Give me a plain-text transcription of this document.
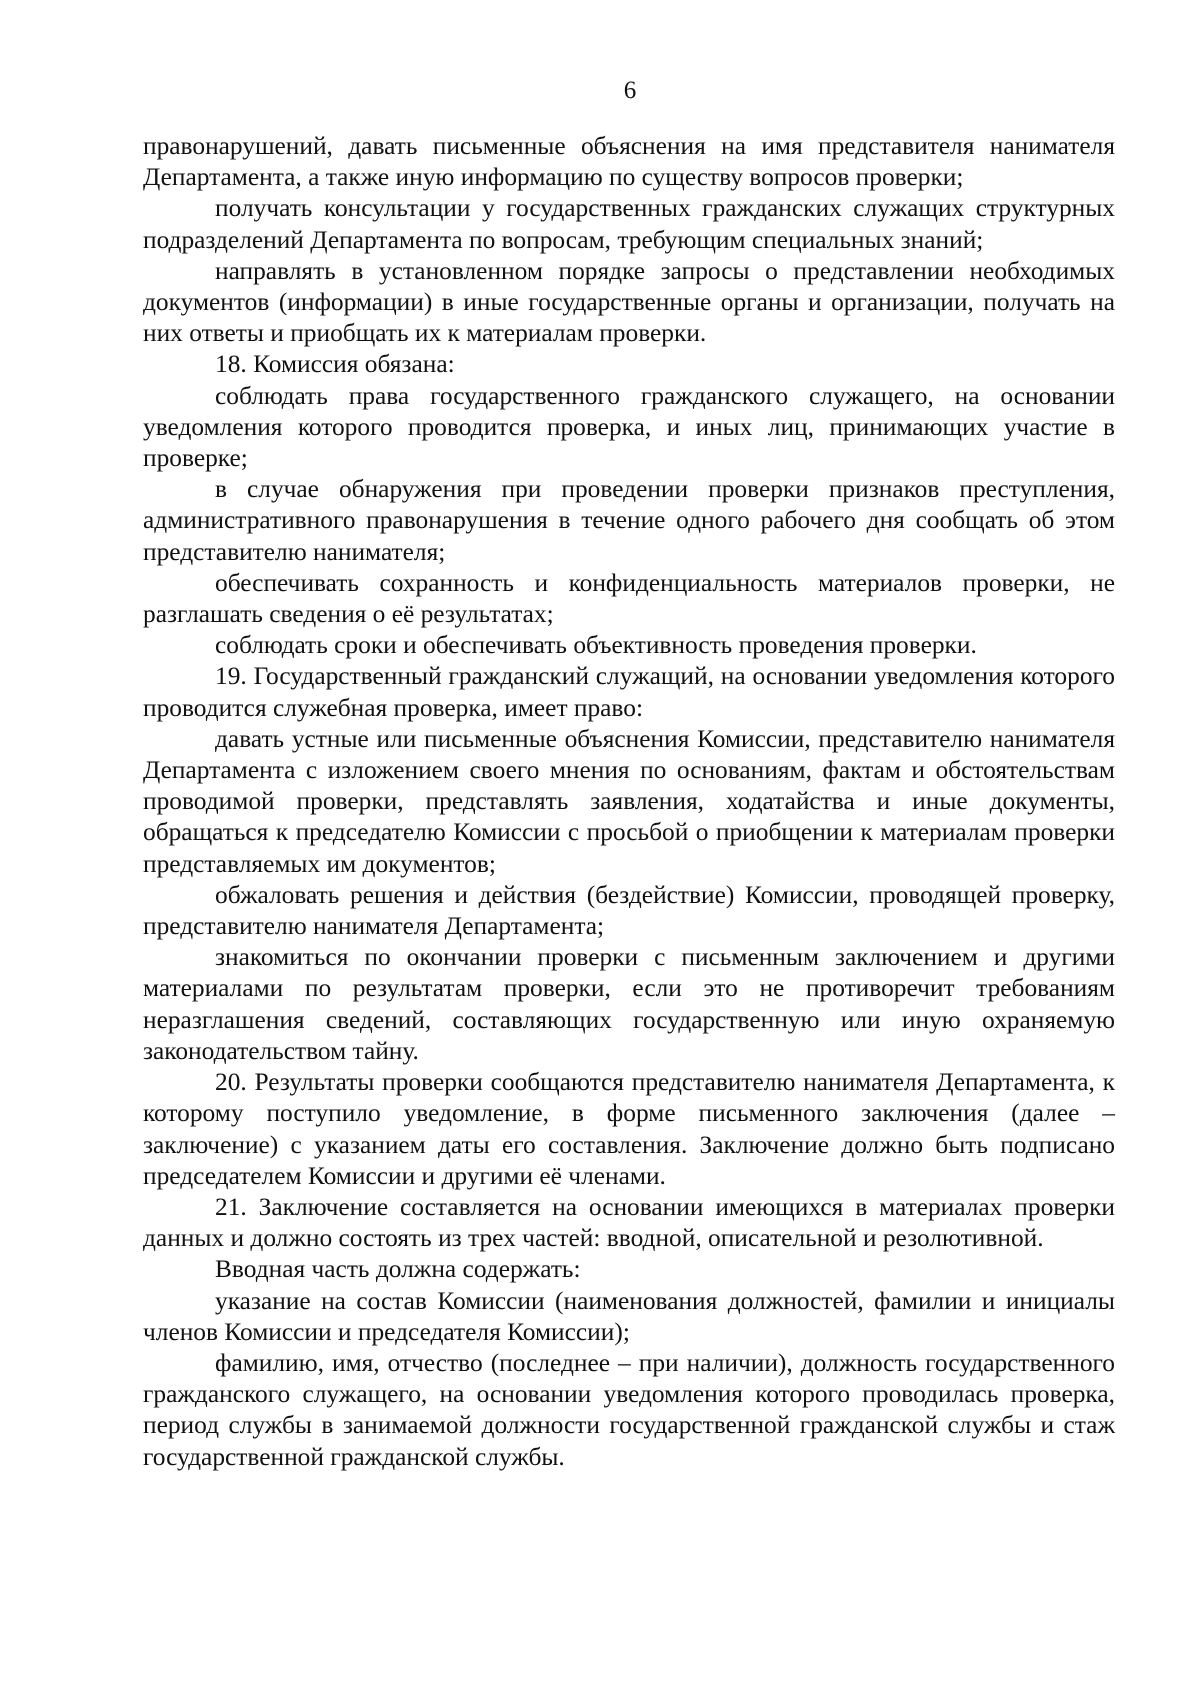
6

правонарушений, давать письменные объяснения на имя представителя нанимателя Департамента, а также иную информацию по существу вопросов проверки;

получать консультации у государственных гражданских служащих структурных подразделений Департамента по вопросам, требующим специальных знаний;

направлять в установленном порядке запросы о представлении необходимых документов (информации) в иные государственные органы и организации, получать на них ответы и приобщать их к материалам проверки.

18. Комиссия обязана:

соблюдать права государственного гражданского служащего, на основании уведомления которого проводится проверка, и иных лиц, принимающих участие в проверке;

в случае обнаружения при проведении проверки признаков преступления, административного правонарушения в течение одного рабочего дня сообщать об этом представителю нанимателя;

обеспечивать сохранность и конфиденциальность материалов проверки, не разглашать сведения о её результатах;

соблюдать сроки и обеспечивать объективность проведения проверки.

19. Государственный гражданский служащий, на основании уведомления которого проводится служебная проверка, имеет право:

давать устные или письменные объяснения Комиссии, представителю нанимателя Департамента с изложением своего мнения по основаниям, фактам и обстоятельствам проводимой проверки, представлять заявления, ходатайства и иные документы, обращаться к председателю Комиссии с просьбой о приобщении к материалам проверки представляемых им документов;

обжаловать решения и действия (бездействие) Комиссии, проводящей проверку, представителю нанимателя Департамента;

знакомиться по окончании проверки с письменным заключением и другими материалами по результатам проверки, если это не противоречит требованиям неразглашения сведений, составляющих государственную или иную охраняемую законодательством тайну.

20. Результаты проверки сообщаются представителю нанимателя Департамента, к которому поступило уведомление, в форме письменного заключения (далее – заключение) с указанием даты его составления. Заключение должно быть подписано председателем Комиссии и другими её членами.

21. Заключение составляется на основании имеющихся в материалах проверки данных и должно состоять из трех частей: вводной, описательной и резолютивной.

Вводная часть должна содержать:

указание на состав Комиссии (наименования должностей, фамилии и инициалы членов Комиссии и председателя Комиссии);

фамилию, имя, отчество (последнее – при наличии), должность государственного гражданского служащего, на основании уведомления которого проводилась проверка, период службы в занимаемой должности государственной гражданской службы и стаж государственной гражданской службы.
